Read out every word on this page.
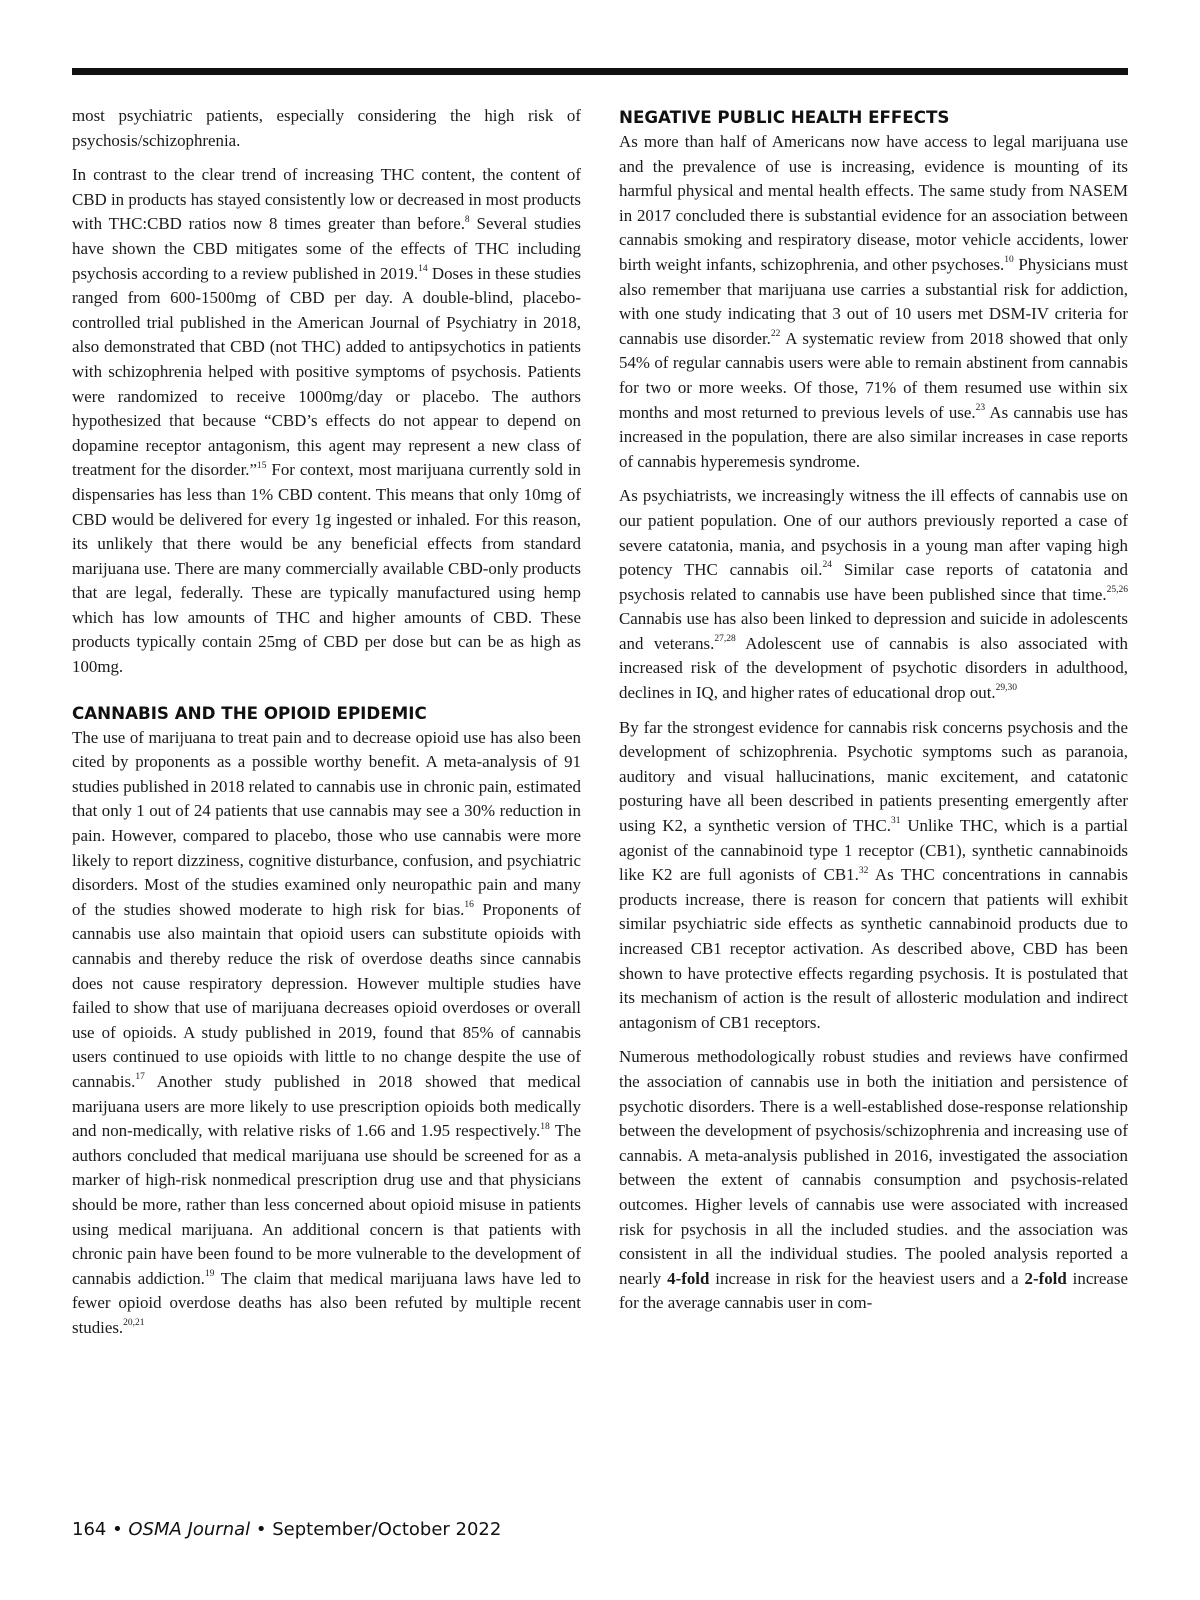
most psychiatric patients, especially considering the high risk of psychosis/schizophrenia.

In contrast to the clear trend of increasing THC content, the content of CBD in products has stayed consistently low or decreased in most products with THC:CBD ratios now 8 times greater than before.$^8$ Several studies have shown the CBD mitigates some of the effects of THC including psychosis according to a review published in 2019.14 Doses in these studies ranged from 600-1500mg of CBD per day. A double-blind, placebo-controlled trial published in the American Journal of Psychiatry in 2018, also demonstrated that CBD (not THC) added to antipsychotics in patients with schizophrenia helped with positive symptoms of psychosis. Patients were randomized to receive 1000mg/day or placebo. The authors hypothesized that because “CBD’s effects do not appear to depend on dopamine receptor antagonism, this agent may represent a new class of treatment for the disorder.”$^{15}$ For context, most marijuana currently sold in dispensaries has less than 1% CBD content. This means that only 10mg of CBD would be delivered for every 1g ingested or inhaled. For this reason, its unlikely that there would be any beneficial effects from standard marijuana use. There are many commercially available CBD-only products that are legal, federally. These are typically manufactured using hemp which has low amounts of THC and higher amounts of CBD. These products typically contain 25mg of CBD per dose but can be as high as 100mg.

CANNABIS AND THE OPIOID EPIDEMIC

The use of marijuana to treat pain and to decrease opioid use has also been cited by proponents as a possible worthy benefit. A meta-analysis of 91 studies published in 2018 related to cannabis use in chronic pain, estimated that only 1 out of 24 patients that use cannabis may see a 30% reduction in pain. However, compared to placebo, those who use cannabis were more likely to report dizziness, cognitive disturbance, confusion, and psychiatric disorders. Most of the studies examined only neuropathic pain and many of the studies showed moderate to high risk for bias.$^{16}$ Proponents of cannabis use also maintain that opioid users can substitute opioids with cannabis and thereby reduce the risk of overdose deaths since cannabis does not cause respiratory depression. However multiple studies have failed to show that use of marijuana decreases opioid overdoses or overall use of opioids. A study published in 2019, found that 85% of cannabis users continued to use opioids with little to no change despite the use of cannabis.$^{17}$ Another study published in 2018 showed that medical marijuana users are more likely to use prescription opioids both medically and non-medically, with relative risks of 1.66 and 1.95 respectively.$^{18}$ The authors concluded that medical marijuana use should be screened for as a marker of high-risk nonmedical prescription drug use and that physicians should be more, rather than less concerned about opioid misuse in patients using medical marijuana. An additional concern is that patients with chronic pain have been found to be more vulnerable to the development of cannabis addiction.$^{19}$ The claim that medical marijuana laws have led to fewer opioid overdose deaths has also been refuted by multiple recent studies.$^{20,21}$

NEGATIVE PUBLIC HEALTH EFFECTS

As more than half of Americans now have access to legal marijuana use and the prevalence of use is increasing, evidence is mounting of its harmful physical and mental health effects. The same study from NASEM in 2017 concluded there is substantial evidence for an association between cannabis smoking and respiratory disease, motor vehicle accidents, lower birth weight infants, schizophrenia, and other psychoses.$^{10}$ Physicians must also remember that marijuana use carries a substantial risk for addiction, with one study indicating that 3 out of 10 users met DSM-IV criteria for cannabis use disorder.$^{22}$ A systematic review from 2018 showed that only 54% of regular cannabis users were able to remain abstinent from cannabis for two or more weeks. Of those, 71% of them resumed use within six months and most returned to previous levels of use.$^{23}$ As cannabis use has increased in the population, there are also similar increases in case reports of cannabis hyperemesis syndrome.

As psychiatrists, we increasingly witness the ill effects of cannabis use on our patient population. One of our authors previously reported a case of severe catatonia, mania, and psychosis in a young man after vaping high potency THC cannabis oil.$^{24}$ Similar case reports of catatonia and psychosis related to cannabis use have been published since that time.$^{25,26}$ Cannabis use has also been linked to depression and suicide in adolescents and veterans.$^{27,28}$ Adolescent use of cannabis is also associated with increased risk of the development of psychotic disorders in adulthood, declines in IQ, and higher rates of educational drop out.$^{29,30}$

By far the strongest evidence for cannabis risk concerns psychosis and the development of schizophrenia. Psychotic symptoms such as paranoia, auditory and visual hallucinations, manic excitement, and catatonic posturing have all been described in patients presenting emergently after using K2, a synthetic version of THC.$^{31}$ Unlike THC, which is a partial agonist of the cannabinoid type 1 receptor (CB1), synthetic cannabinoids like K2 are full agonists of CB1.32 As THC concentrations in cannabis products increase, there is reason for concern that patients will exhibit similar psychiatric side effects as synthetic cannabinoid products due to increased CB1 receptor activation. As described above, CBD has been shown to have protective effects regarding psychosis. It is postulated that its mechanism of action is the result of allosteric modulation and indirect antagonism of CB1 receptors.

Numerous methodologically robust studies and reviews have confirmed the association of cannabis use in both the initiation and persistence of psychotic disorders. There is a well-established dose-response relationship between the development of psychosis/schizophrenia and increasing use of cannabis. A meta-analysis published in 2016, investigated the association between the extent of cannabis consumption and psychosis-related outcomes. Higher levels of cannabis use were associated with increased risk for psychosis in all the included studies. and the association was consistent in all the individual studies. The pooled analysis reported a nearly 4-fold increase in risk for the heaviest users and a 2-fold increase for the average cannabis user in com-

164 • OSMA Journal • September/October 2022
